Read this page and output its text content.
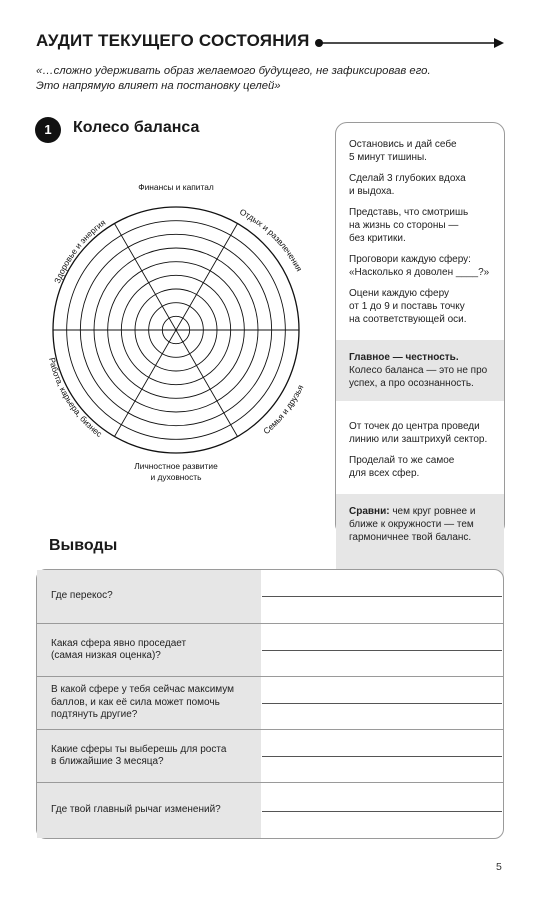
АУДИТ ТЕКУЩЕГО СОСТОЯНИЯ
«…сложно удерживать образ желаемого будущего, не зафиксировав его.
Это напрямую влияет на постановку целей»
1	Колесо баланса
Финансы и капитал
Отдых и развлечения
Здоровье и энергия
Семья и друзья
Работа, карьера, бизнес
Личностное развитие
и духовность

Остановись и дай себе
5 минут тишины.

Сделай 3 глубоких вдоха
и выдоха.

Представь, что смотришь
на жизнь со стороны —
без критики.

Проговори каждую сферу:
«Насколько я доволен ____?»

Оцени каждую сферу
от 1 до 9 и поставь точку
на соответствующей оси.

Главное — честность.

Колесо баланса — это не про
успех, а про осознанность.

От точек до центра проведи
линию или заштрихуй сектор.

Проделай то же самое
для всех сфер.

Сравни: чем круг ровнее и
ближе к окружности — тем
гармоничнее твой баланс.

Выводы
Где перекос?
Какая сфера явно проседает
(самая низкая оценка)?
В какой сфере у тебя сейчас максимум
баллов, и как её сила может помочь
подтянуть другие?
Какие сферы ты выберешь для роста
в ближайшие 3 месяца?
Где твой главный рычаг изменений?
5
